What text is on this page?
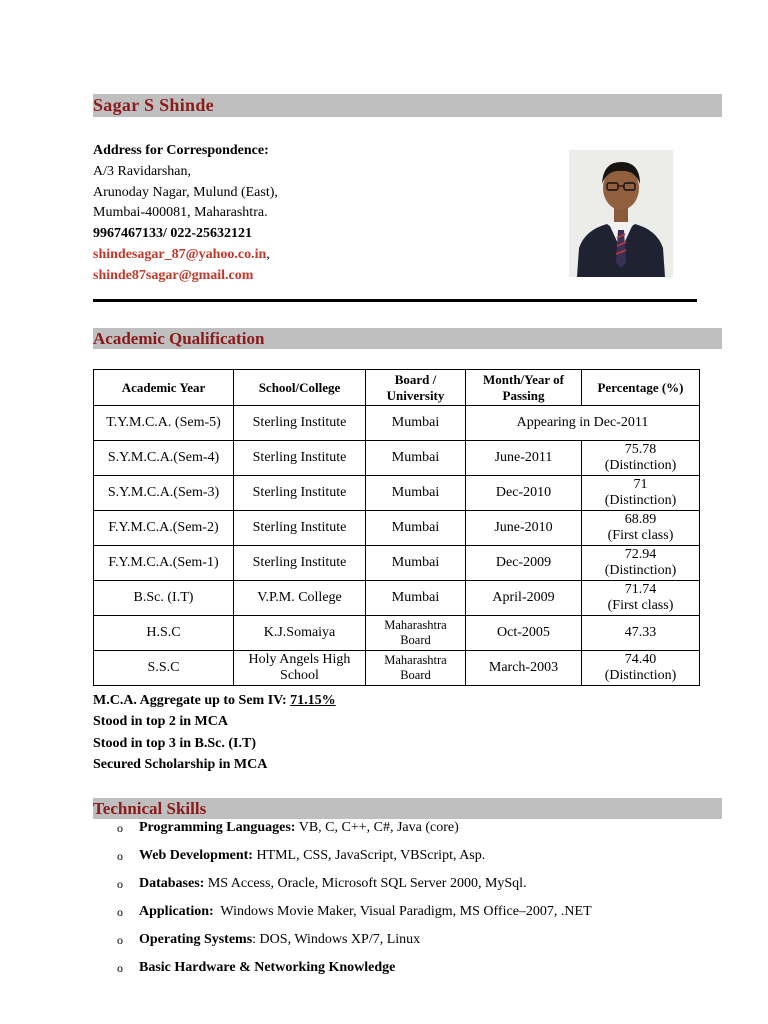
Sagar S Shinde
Address for Correspondence:
A/3 Ravidarshan,
Arunoday Nagar, Mulund (East),
Mumbai-400081, Maharashtra.
9967467133/ 022-25632121
shindesagar_87@yahoo.co.in,
shinde87sagar@gmail.com
Academic Qualification
Academic Year	School/College	Board / University	Month/Year of Passing	Percentage (%)
T.Y.M.C.A. (Sem-5)	Sterling Institute	Mumbai	Appearing in Dec-2011	
S.Y.M.C.A.(Sem-4)	Sterling Institute	Mumbai	June-2011	75.78
(Distinction)

S.Y.M.C.A.(Sem-3)	Sterling Institute	Mumbai	Dec-2010	71
(Distinction)

F.Y.M.C.A.(Sem-2)	Sterling Institute	Mumbai	June-2010	68.89
(First class)

F.Y.M.C.A.(Sem-1)	Sterling Institute	Mumbai	Dec-2009	72.94
(Distinction)

B.Sc. (I.T)	V.P.M. College	Mumbai	April-2009	71.74
(First class)

H.S.C	K.J.Somaiya	Maharashtra Board	Oct-2005	47.33

S.S.C	Holy Angels High School	Maharashtra Board	March-2003	74.40
(Distinction)
M.C.A. Aggregate up to Sem IV: 71.15%
Stood in top 2 in MCA
Stood in top 3 in B.Sc. (I.T)
Secured Scholarship in MCA
Technical Skills
o Programming Languages: VB, C, C++, C#, Java (core)
o Web Development: HTML, CSS, JavaScript, VBScript, Asp.
o Databases: MS Access, Oracle, Microsoft SQL Server 2000, MySql.
o Application:  Windows Movie Maker, Visual Paradigm, MS Office–2007, .NET
o Operating Systems: DOS, Windows XP/7, Linux
o Basic Hardware & Networking Knowledge
